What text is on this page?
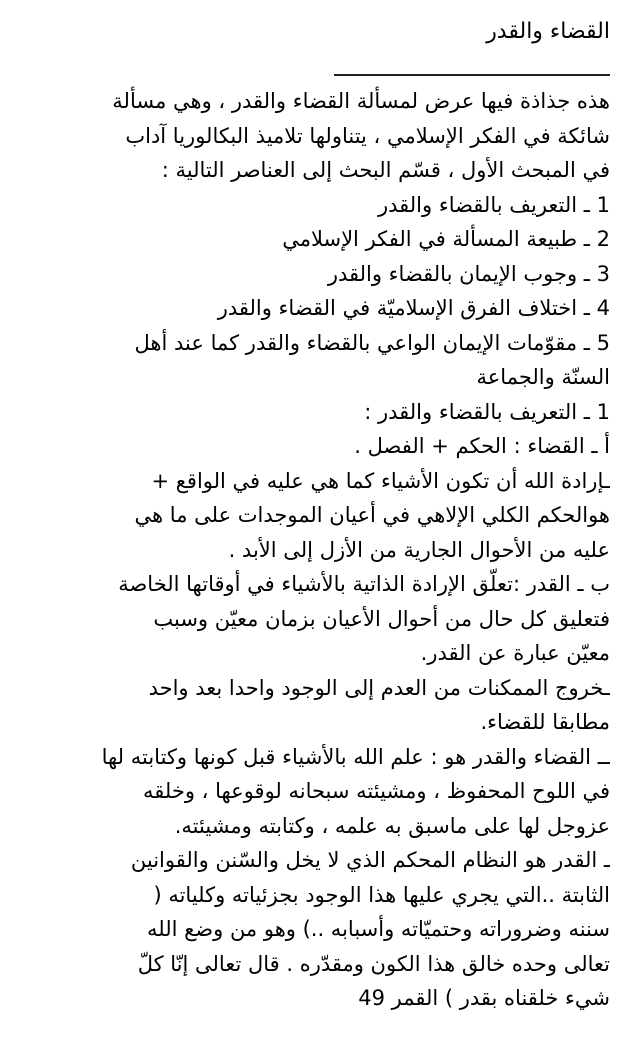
القضاء والقدر
هذه جذاذة فيها عرض لمسألة القضاء والقدر ، وهي مسألة
شائكة في الفكر الإسلامي ، يتناولها تلاميذ البكالوريا آداب
في المبحث الأول ، قسّم البحث إلى العناصر التالية :
1 ـ التعريف بالقضاء والقدر
2 ـ طبيعة المسألة في الفكر الإسلامي
3 ـ وجوب الإيمان بالقضاء والقدر
4 ـ اختلاف الفرق الإسلاميّة في القضاء والقدر
5 ـ مقوّمات الإيمان الواعي بالقضاء والقدر كما عند أهل
السنّة والجماعة
1 ـ التعريف بالقضاء والقدر :
أ ـ القضاء : الحكم + الفصل .
ـإرادة الله أن تكون الأشياء كما هي عليه في الواقع +
هوالحكم الكلي الإلاهي في أعيان الموجدات على ما هي
عليه من الأحوال الجارية من الأزل إلى الأبد .
ب ـ القدر :تعلّق الإرادة الذاتية بالأشياء في أوقاتها الخاصة
فتعليق كل حال من أحوال الأعيان بزمان معيّن وسبب
معيّن عبارة عن القدر.
ـخروج الممكنات من العدم إلى الوجود واحدا بعد واحد
مطابقا للقضاء.
ــ القضاء والقدر هو : علم الله بالأشياء قبل كونها وكتابته لها
في اللوح المحفوظ ، ومشيئته سبحانه لوقوعها ، وخلقه
عزوجل لها على ماسبق به علمه ، وكتابته ومشيئته.
ـ القدر هو النظام المحكم الذي لا يخل والسّنن والقوانين
الثابتة ..التي يجري عليها هذا الوجود بجزئياته وكلياته (
سننه وضروراته وحتميّاته وأسبابه ..) وهو من وضع الله
تعالى وحده خالق هذا الكون ومقدّره . قال تعالى إنّا كلّ
شيء خلقناه بقدر ) القمر 49
